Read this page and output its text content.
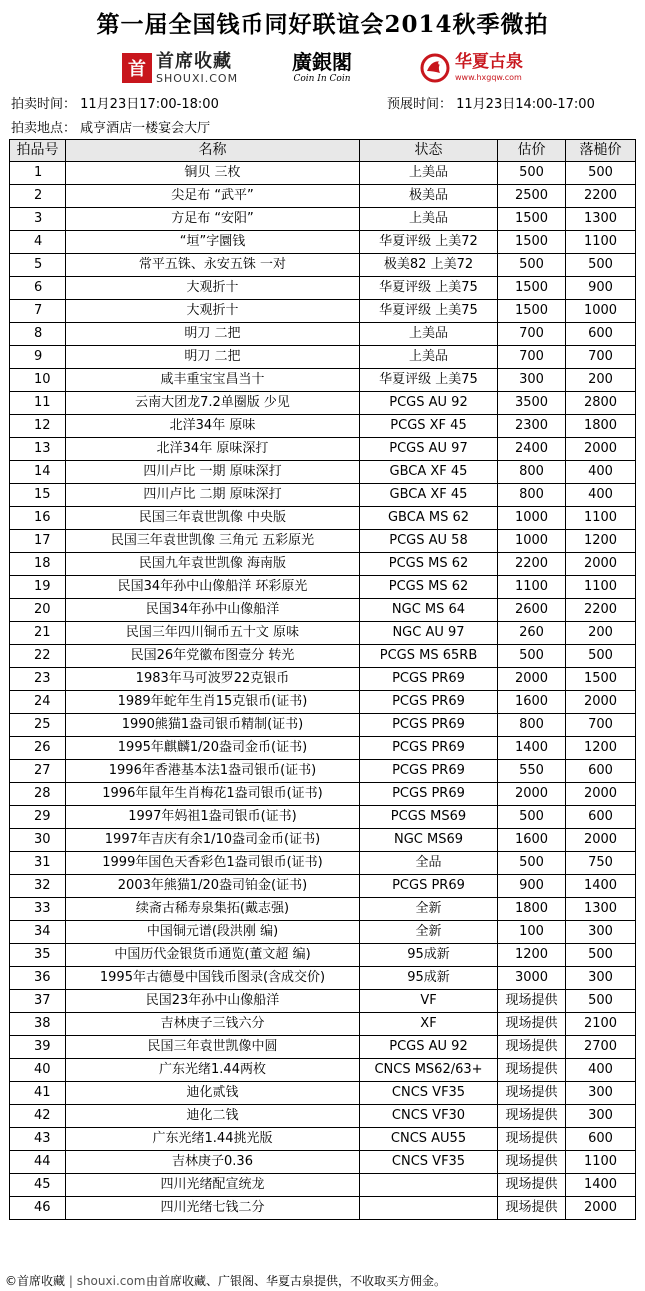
第一届全国钱币同好联谊会2014秋季微拍
首 首席收藏
SHOUXI.COM
廣銀閣
Coin In Coin
华夏古泉
www.hxgqw.com
拍卖时间： 11月23日17:00-18:00	预展时间： 11月23日14:00-17:00
拍卖地点： 咸亨酒店一楼宴会大厅
拍品号	名称	状态	估价	落槌价
1	铜贝 三枚	上美品	500	500
2	尖足布 “武平”	极美品	2500	2200
3	方足布 “安阳”	上美品	1500	1300
4	“垣”字圜钱	华夏评级 上美72	1500	1100
5	常平五铢、永安五铢 一对	极美82 上美72	500	500
6	大观折十	华夏评级 上美75	1500	900
7	大观折十	华夏评级 上美75	1500	1000
8	明刀 二把	上美品	700	600
9	明刀 二把	上美品	700	700
10	咸丰重宝宝昌当十	华夏评级 上美75	300	200
11	云南大团龙7.2单圈版 少见	PCGS AU 92	3500	2800
12	北洋34年 原味	PCGS XF 45	2300	1800
13	北洋34年 原味深打	PCGS AU 97	2400	2000
14	四川卢比 一期 原味深打	GBCA XF 45	800	400
15	四川卢比 二期 原味深打	GBCA XF 45	800	400
16	民国三年袁世凯像 中央版	GBCA MS 62	1000	1100
17	民国三年袁世凯像 三角元 五彩原光	PCGS AU 58	1000	1200
18	民国九年袁世凯像 海南版	PCGS MS 62	2200	2000
19	民国34年孙中山像船洋 环彩原光	PCGS MS 62	1100	1100
20	民国34年孙中山像船洋	NGC MS 64	2600	2200
21	民国三年四川铜币五十文 原味	NGC AU 97	260	200
22	民国26年党徽布图壹分 转光	PCGS MS 65RB	500	500
23	1983年马可波罗22克银币	PCGS PR69	2000	1500
24	1989年蛇年生肖15克银币(证书)	PCGS PR69	1600	2000
25	1990熊猫1盎司银币精制(证书)	PCGS PR69	800	700
26	1995年麒麟1/20盎司金币(证书)	PCGS PR69	1400	1200
27	1996年香港基本法1盎司银币(证书)	PCGS PR69	550	600
28	1996年鼠年生肖梅花1盎司银币(证书)	PCGS PR69	2000	2000
29	1997年妈祖1盎司银币(证书)	PCGS MS69	500	600
30	1997年吉庆有余1/10盎司金币(证书)	NGC MS69	1600	2000
31	1999年国色天香彩色1盎司银币(证书)	全品	500	750
32	2003年熊猫1/20盎司铂金(证书)	PCGS PR69	900	1400
33	续斋古稀寿泉集拓(戴志强)	全新	1800	1300
34	中国铜元谱(段洪刚 编)	全新	100	300
35	中国历代金银货币通览(董文超 编)	95成新	1200	500
36	1995年古德曼中国钱币图录(含成交价)	95成新	3000	300
37	民国23年孙中山像船洋	VF	现场提供	500
38	吉林庚子三钱六分	XF	现场提供	2100
39	民国三年袁世凯像中圆	PCGS AU 92	现场提供	2700
40	广东光绪1.44两枚	CNCS MS62/63+	现场提供	400
41	迪化贰钱	CNCS VF35	现场提供	300
42	迪化二钱	CNCS VF30	现场提供	300
43	广东光绪1.44挑光版	CNCS AU55	现场提供	600
44	吉林庚子0.36	CNCS VF35	现场提供	1100
45	四川光绪配宣统龙		现场提供	1400
46	四川光绪七钱二分		现场提供	2000
©首席收藏 | shouxi.com 由首席收藏、广银阁、华夏古泉提供，不收取买方佣金。
